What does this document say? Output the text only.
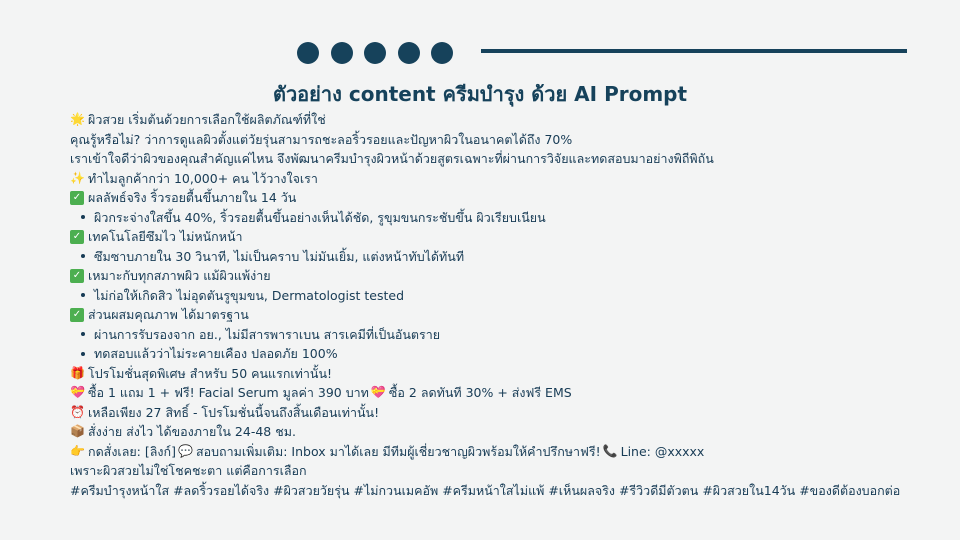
ตัวอย่าง content ครีมบำรุง ด้วย AI Prompt
🌟 ผิวสวย เริ่มต้นด้วยการเลือกใช้ผลิตภัณฑ์ที่ใช่
คุณรู้หรือไม่? ว่าการดูแลผิวตั้งแต่วัยรุ่นสามารถชะลอริ้วรอยและปัญหาผิวในอนาคตได้ถึง 70%
เราเข้าใจดีว่าผิวของคุณสำคัญแค่ไหน จึงพัฒนาครีมบำรุงผิวหน้าด้วยสูตรเฉพาะที่ผ่านการวิจัยและทดสอบมาอย่างพิถีพิถัน
✨ ทำไมลูกค้ากว่า 10,000+ คน ไว้วางใจเรา
✓ ผลลัพธ์จริง ริ้วรอยตื้นขึ้นภายใน 14 วัน
ผิวกระจ่างใสขึ้น 40%, ริ้วรอยตื้นขึ้นอย่างเห็นได้ชัด, รูขุมขนกระชับขึ้น ผิวเรียบเนียน
✓ เทคโนโลยีซึมไว ไม่หนักหน้า
ซึมซาบภายใน 30 วินาที, ไม่เป็นคราบ ไม่มันเยิ้ม, แต่งหน้าทับได้ทันที
✓ เหมาะกับทุกสภาพผิว แม้ผิวแพ้ง่าย
ไม่ก่อให้เกิดสิว ไม่อุดตันรูขุมขน, Dermatologist tested
✓ ส่วนผสมคุณภาพ ได้มาตรฐาน
ผ่านการรับรองจาก อย., ไม่มีสารพาราเบน สารเคมีที่เป็นอันตราย
ทดสอบแล้วว่าไม่ระคายเคือง ปลอดภัย 100%
🎁 โปรโมชั่นสุดพิเศษ สำหรับ 50 คนแรกเท่านั้น!
💝 ซื้อ 1 แถม 1 + ฟรี! Facial Serum มูลค่า 390 บาท 💝 ซื้อ 2 ลดทันที 30% + ส่งฟรี EMS
⏰ เหลือเพียง 27 สิทธิ์ - โปรโมชั่นนี้จนถึงสิ้นเดือนเท่านั้น!
📦 สั่งง่าย ส่งไว ได้ของภายใน 24-48 ชม.
👉 กดสั่งเลย: [ลิงก์] 💬 สอบถามเพิ่มเติม: Inbox มาได้เลย มีทีมผู้เชี่ยวชาญผิวพร้อมให้คำปรึกษาฟรี! 📞 Line: @xxxxx
เพราะผิวสวยไม่ใช่โชคชะตา แต่คือการเลือก
#ครีมบำรุงหน้าใส #ลดริ้วรอยได้จริง #ผิวสวยวัยรุ่น #ไม่กวนเมคอัพ #ครีมหน้าใสไม่แพ้ #เห็นผลจริง #รีวิวดีมีตัวตน #ผิวสวยใน14วัน #ของดีต้องบอกต่อ
